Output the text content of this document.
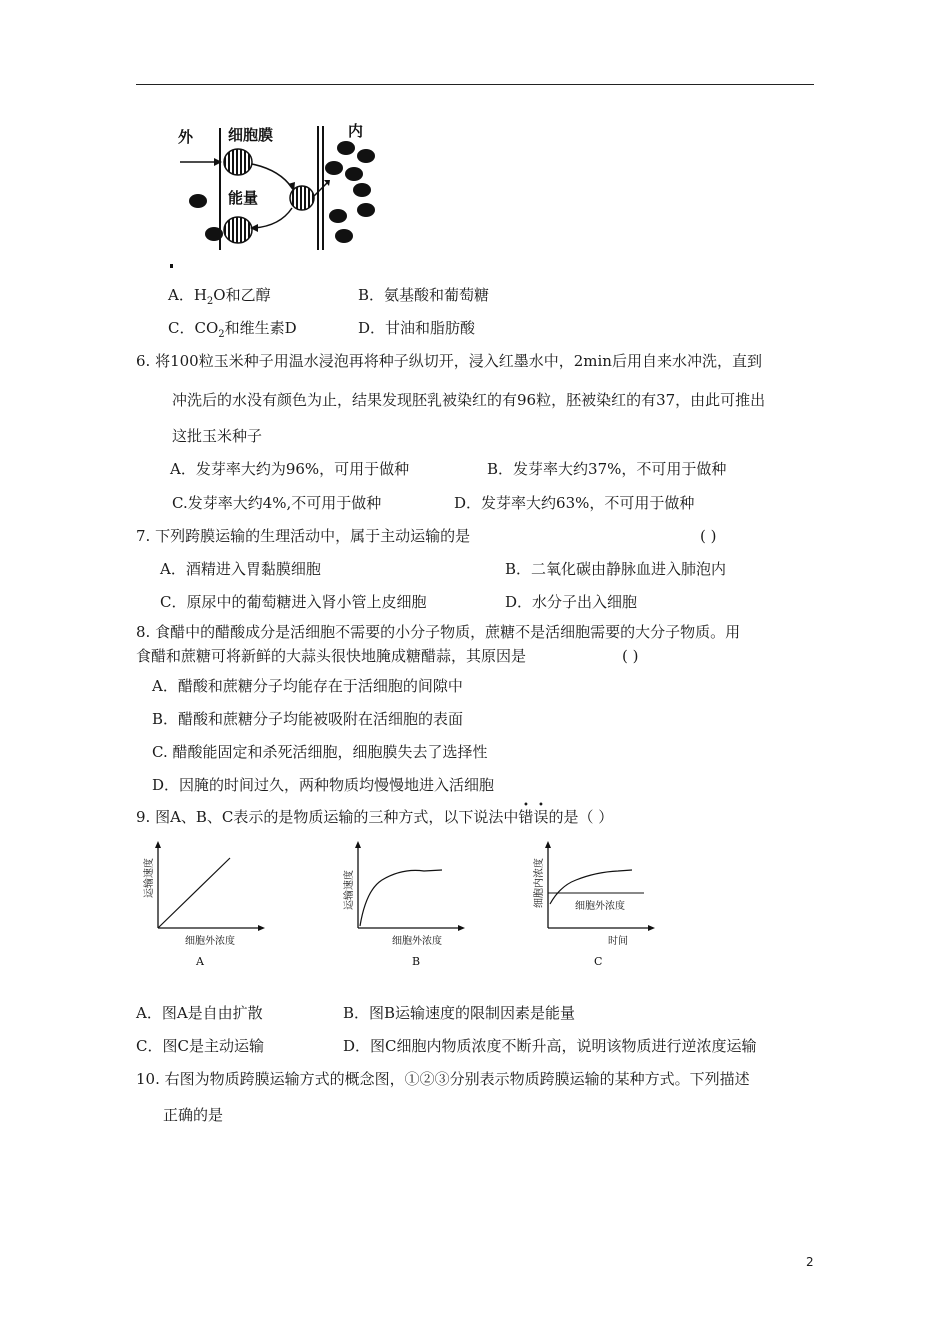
外 细胞膜	内
能量
A．$H_2O$和乙醇	B．氨基酸和葡萄糖
C．$CO_2$和维生素D	D．甘油和脂肪酸
6. 将100粒玉米种子用温水浸泡再将种子纵切开，浸入红墨水中，2min后用自来水冲洗，直到
冲洗后的水没有颜色为止，结果发现胚乳被染红的有96粒，胚被染红的有37，由此可推出
这批玉米种子
A．发芽率大约为96%，可用于做种	B．发芽率大约37%，不可用于做种
C.发芽率大约4%,不可用于做种	D．发芽率大约63%，不可用于做种
7. 下列跨膜运输的生理活动中，属于主动运输的是	( )
A．酒精进入胃黏膜细胞	B．二氧化碳由静脉血进入肺泡内
C．原尿中的葡萄糖进入肾小管上皮细胞	D．水分子出入细胞
8. 食醋中的醋酸成分是活细胞不需要的小分子物质，蔗糖不是活细胞需要的大分子物质。用
食醋和蔗糖可将新鲜的大蒜头很快地腌成糖醋蒜，其原因是	( )
A．醋酸和蔗糖分子均能存在于活细胞的间隙中
B．醋酸和蔗糖分子均能被吸附在活细胞的表面
C. 醋酸能固定和杀死活细胞，细胞膜失去了选择性
D．因腌的时间过久，两种物质均慢慢地进入活细胞
9. 图A、B、C表示的是物质运输的三种方式，以下说法中错误的是（ ）
运输速度
细胞外浓度
A
运输速度
细胞外浓度
B
细胞内浓度	细胞外浓度
时间
C
A．图A是自由扩散	B．图B运输速度的限制因素是能量
C．图C是主动运输	D．图C细胞内物质浓度不断升高，说明该物质进行逆浓度运输
10. 右图为物质跨膜运输方式的概念图，①②③分别表示物质跨膜运输的某种方式。下列描述
正确的是
2
